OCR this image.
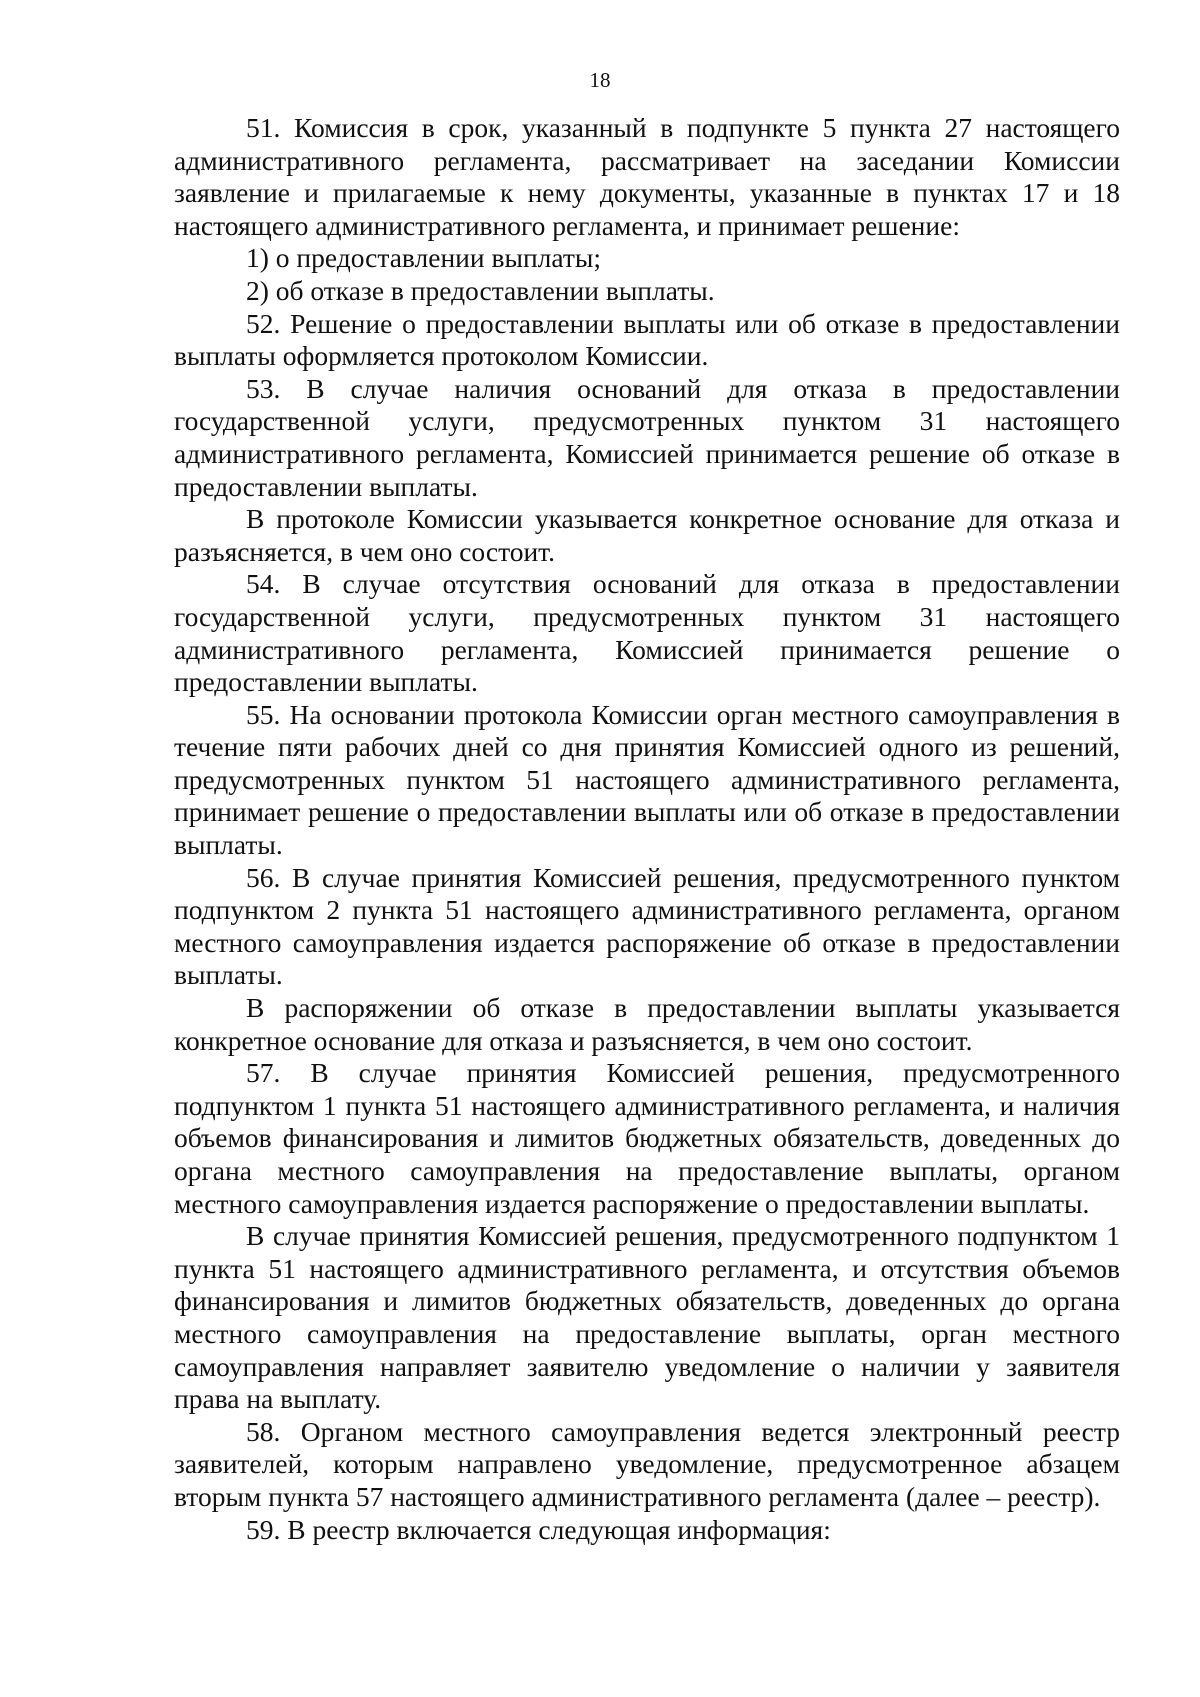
18

51. Комиссия в срок, указанный в подпункте 5 пункта 27 настоящего административного регламента, рассматривает на заседании Комиссии заявление и прилагаемые к нему документы, указанные в пунктах 17 и 18 настоящего административного регламента, и принимает решение:

1) о предоставлении выплаты;

2) об отказе в предоставлении выплаты.

52. Решение о предоставлении выплаты или об отказе в предоставлении выплаты оформляется протоколом Комиссии.

53. В случае наличия оснований для отказа в предоставлении государственной услуги, предусмотренных пунктом 31 настоящего административного регламента, Комиссией принимается решение об отказе в предоставлении выплаты.

В протоколе Комиссии указывается конкретное основание для отказа и разъясняется, в чем оно состоит.

54. В случае отсутствия оснований для отказа в предоставлении государственной услуги, предусмотренных пунктом 31 настоящего административного регламента, Комиссией принимается решение о предоставлении выплаты.

55. На основании протокола Комиссии орган местного самоуправления в течение пяти рабочих дней со дня принятия Комиссией одного из решений, предусмотренных пунктом 51 настоящего административного регламента, принимает решение о предоставлении выплаты или об отказе в предоставлении выплаты.

56. В случае принятия Комиссией решения, предусмотренного пунктом подпунктом 2 пункта 51 настоящего административного регламента, органом местного самоуправления издается распоряжение об отказе в предоставлении выплаты.

В распоряжении об отказе в предоставлении выплаты указывается конкретное основание для отказа и разъясняется, в чем оно состоит.

57. В случае принятия Комиссией решения, предусмотренного подпунктом 1 пункта 51 настоящего административного регламента, и наличия объемов финансирования и лимитов бюджетных обязательств, доведенных до органа местного самоуправления на предоставление выплаты, органом местного самоуправления издается распоряжение о предоставлении выплаты.

В случае принятия Комиссией решения, предусмотренного подпунктом 1 пункта 51 настоящего административного регламента, и отсутствия объемов финансирования и лимитов бюджетных обязательств, доведенных до органа местного самоуправления на предоставление выплаты, орган местного самоуправления направляет заявителю уведомление о наличии у заявителя права на выплату.

58. Органом местного самоуправления ведется электронный реестр заявителей, которым направлено уведомление, предусмотренное абзацем вторым пункта 57 настоящего административного регламента (далее – реестр).

59. В реестр включается следующая информация:
